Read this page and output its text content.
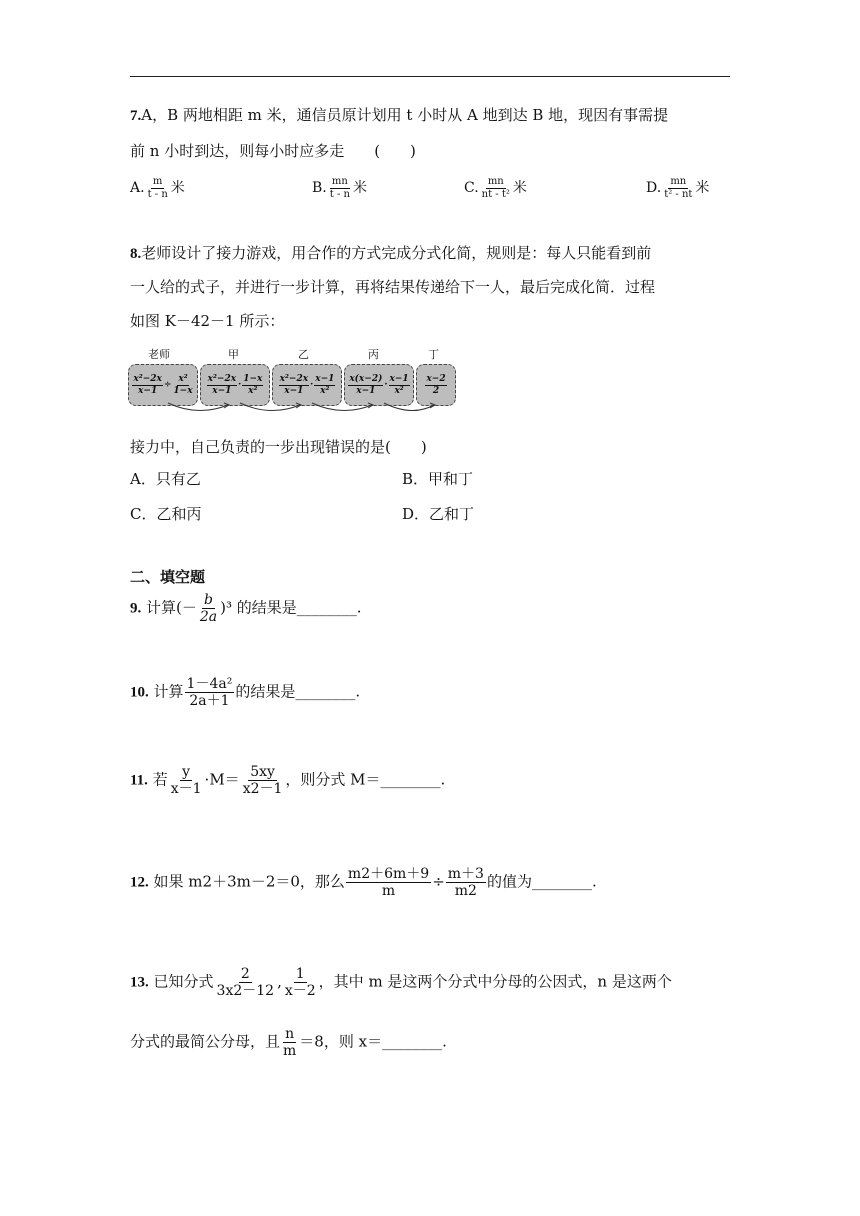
7.A，B 两地相距 m 米，通信员原计划用 t 小时从 A 地到达 B 地，现因有事需提
前 n 小时到达，则每小时应多走　　(　　)
A. $\frac{m}{t - n}$ 米	B. $\frac{mn}{t - n}$ 米	C. $\frac{mn}{\text{nt - t²}}$ 米	D. $\frac{mn}{\text{t² - nt}}$ 米
8.老师设计了接力游戏，用合作的方式完成分式化简，规则是：每人只能看到前
一人给的式子，并进行一步计算，再将结果传递给下一人，最后完成化简．过程
如图 K－42－1 所示：
老师	甲	乙	丙	丁
$\frac{\text{x²−2x}}{x-1} \div \frac{\text{x²}}{1-x} \frac{\text{x²−2x}}{x-1} \cdot \frac{1-x}{\text{x²}} \frac{\text{x²−2x}}{x-1} \cdot \frac{x-1}{\text{x²}} \frac{x(x-2)}{x-1} \cdot \frac{x-1}{\text{x²}} \frac{x-2}{2}$
接力中，自己负责的一步出现错误的是(　　)
A．只有乙	B．甲和丁
C．乙和丙	D．乙和丁
二、填空题
9. 计算(－ $\frac{b}{2a} )^3$ 的结果是________.
10. 计算 $\frac{\text{1－4a²}}{2a+1}$ 的结果是________.
11. 若 $\frac{y}{x-1} \cdot M= \frac{5xy}{x2-1}$ ，则分式 M＝________.
12. 如果 m2＋3m－2＝0，那么 $\frac{m2+6m+9}{m} \div \frac{m+3}{m2}$ 的值为________.
13. 已知分式 $\frac{2}{3x2-12}$ , $\frac{1}{x-2}$ ，其中 m 是这两个分式中分母的公因式，n 是这两个
分式的最简公分母，且 $\frac{n}{m} =8$，则 x＝________.
